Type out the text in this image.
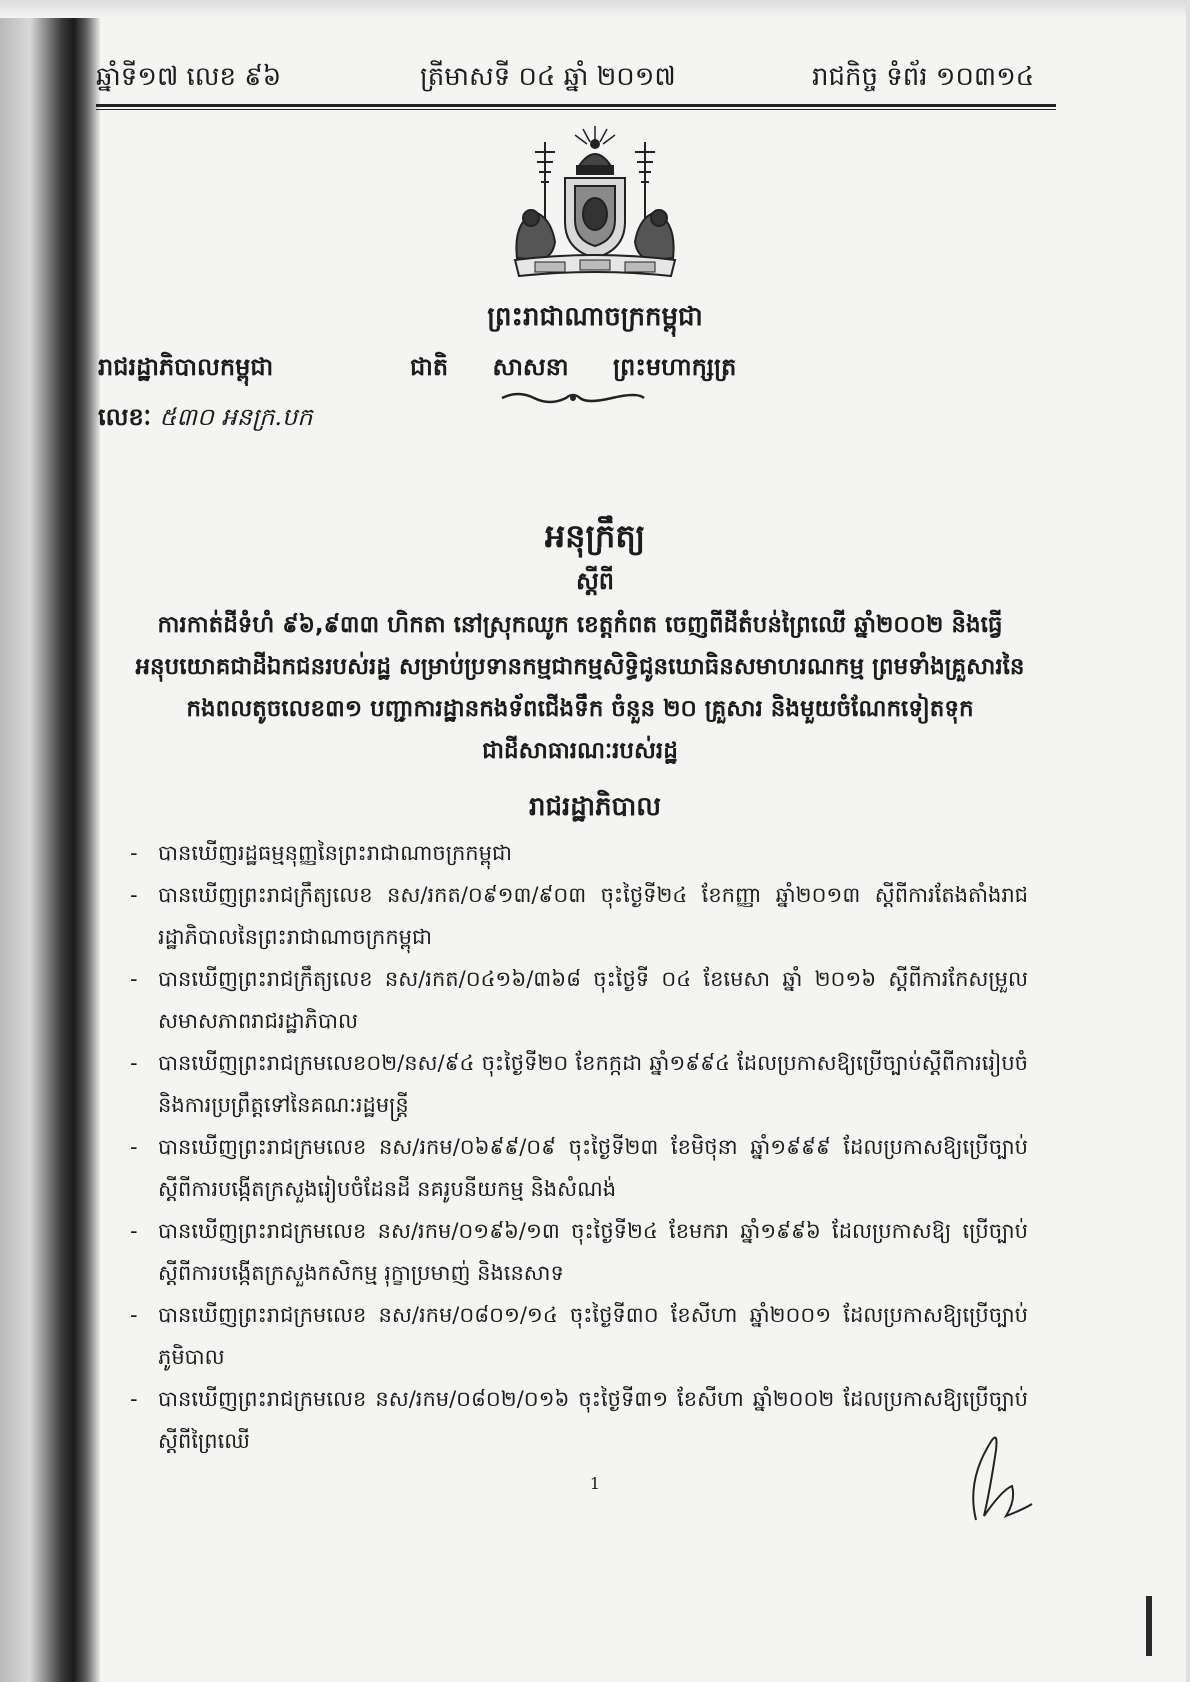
ឆ្នាំទី១៧ លេខ ៩៦	ត្រីមាសទី ០៤ ឆ្នាំ ២០១៧	រាជកិច្ច ទំព័រ ១០៣១៤
ព្រះរាជាណាចក្រកម្ពុជា
រាជរដ្ឋាភិបាលកម្ពុជា	ជាតិ សាសនា ព្រះមហាក្សត្រ
លេខៈ ៥៣០ អនក្រ.បក
អនុក្រឹត្យ
ស្តីពី
ការកាត់ដីទំហំ ៩៦,៩៣៣ ហិកតា នៅស្រុកឈូក ខេត្តកំពត ចេញពីដីតំបន់ព្រៃឈើ ឆ្នាំ២០០២ និងធ្វើអនុបយោគជាដីឯកជនរបស់រដ្ឋ សម្រាប់ប្រទានកម្មជាកម្មសិទ្ធិជូនឃោធិនសមាហរណកម្ម ព្រមទាំងគ្រួសារនៃកងពលតូចលេខ៣១ បញ្ជាការដ្ឋានកងទ័ពជើងទឹក ចំនួន ២០ គ្រួសារ និងមួយចំណែកទៀតទុកជាដីសាធារណៈរបស់រដ្ឋ
រាជរដ្ឋាភិបាល
- បានឃើញរដ្ឋធម្មនុញ្ញនៃព្រះរាជាណាចក្រកម្ពុជា
- បានឃើញព្រះរាជក្រឹត្យលេខ នស/រកត/០៩១៣/៩០៣ ចុះថ្ងៃទី២៤ ខែកញ្ញា ឆ្នាំ២០១៣ ស្តីពីការតែងតាំងរាជរដ្ឋាភិបាលនៃព្រះរាជាណាចក្រកម្ពុជា
- បានឃើញព្រះរាជក្រឹត្យលេខ នស/រកត/០៤១៦/៣៦៨ ចុះថ្ងៃទី ០៤ ខែមេសា ឆ្នាំ ២០១៦ ស្តីពីការកែសម្រួលសមាសភាពរាជរដ្ឋាភិបាល
- បានឃើញព្រះរាជក្រមលេខ០២/នស/៩៤ ចុះថ្ងៃទី២០ ខែកក្កដា ឆ្នាំ១៩៩៤ ដែលប្រកាសឱ្យប្រើច្បាប់ស្តីពីការរៀបចំនិងការប្រព្រឹត្តទៅនៃគណៈរដ្ឋមន្ត្រី
- បានឃើញព្រះរាជក្រមលេខ នស/រកម/០៦៩៩/០៩ ចុះថ្ងៃទី២៣ ខែមិថុនា ឆ្នាំ១៩៩៩ ដែលប្រកាសឱ្យប្រើច្បាប់ស្តីពីការបង្កើតក្រសួងរៀបចំដែនដី នគរូបនីយកម្ម និងសំណង់
- បានឃើញព្រះរាជក្រមលេខ នស/រកម/០១៩៦/១៣ ចុះថ្ងៃទី២៤ ខែមករា ឆ្នាំ១៩៩៦ ដែលប្រកាសឱ្យ ប្រើច្បាប់ ស្តីពីការបង្កើតក្រសួងកសិកម្ម រុក្ខាប្រមាញ់ និងនេសាទ
- បានឃើញព្រះរាជក្រមលេខ នស/រកម/០៨០១/១៤ ចុះថ្ងៃទី៣០ ខែសីហា ឆ្នាំ២០០១ ដែលប្រកាសឱ្យប្រើច្បាប់ភូមិបាល
- បានឃើញព្រះរាជក្រមលេខ នស/រកម/០៨០២/០១៦ ចុះថ្ងៃទី៣១ ខែសីហា ឆ្នាំ២០០២ ដែលប្រកាសឱ្យប្រើច្បាប់ស្តីពីព្រៃឈើ
1
